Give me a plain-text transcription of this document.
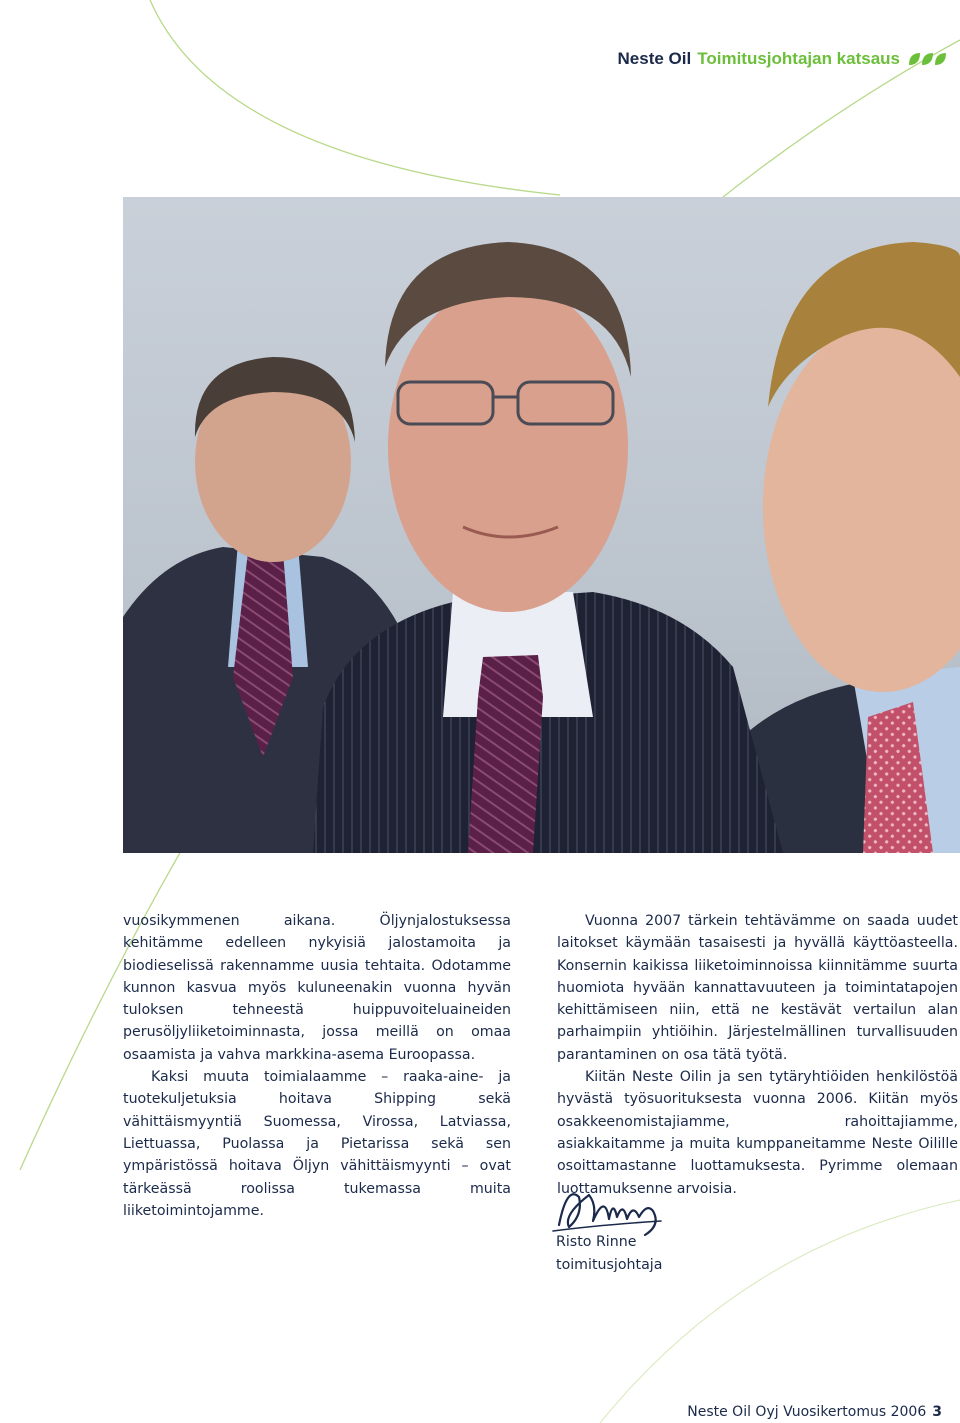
Neste Oil Toimitusjohtajan katsaus

vuosikymmenen aikana. Öljynjalostuksessa kehitämme edelleen nykyisiä jalostamoita ja biodieselissä rakennamme uusia tehtaita. Odotamme kunnon kasvua myös kuluneenakin vuonna hyvän tuloksen tehneestä huippuvoiteluaineiden perusöljyliiketoiminnasta, jossa meillä on omaa osaamista ja vahva markkina-asema Euroopassa.

Kaksi muuta toimialaamme – raaka-aine- ja tuotekuljetuksia hoitava Shipping sekä vähittäismyyntiä Suomessa, Virossa, Latviassa, Liettuassa, Puolassa ja Pietarissa sekä sen ympäristössä hoitava Öljyn vähittäismyynti – ovat tärkeässä roolissa tukemassa muita liiketoimintojamme.

Vuonna 2007 tärkein tehtävämme on saada uudet laitokset käymään tasaisesti ja hyvällä käyttöasteella. Konsernin kaikissa liiketoiminnoissa kiinnitämme suurta huomiota hyvään kannattavuuteen ja toimintatapojen kehittämiseen niin, että ne kestävät vertailun alan parhaimpiin yhtiöihin. Järjestelmällinen turvallisuuden parantaminen on osa tätä työtä.

Kiitän Neste Oilin ja sen tytäryhtiöiden henkilöstöä hyvästä työsuorituksesta vuonna 2006. Kiitän myös osakkeenomistajiamme, rahoittajiamme, asiakkaitamme ja muita kumppaneitamme Neste Oilille osoittamastanne luottamuksesta. Pyrimme olemaan luottamuksenne arvoisia.

Risto Rinne
toimitusjohtaja
Neste Oil Oyj Vuosikertomus 2006 3
